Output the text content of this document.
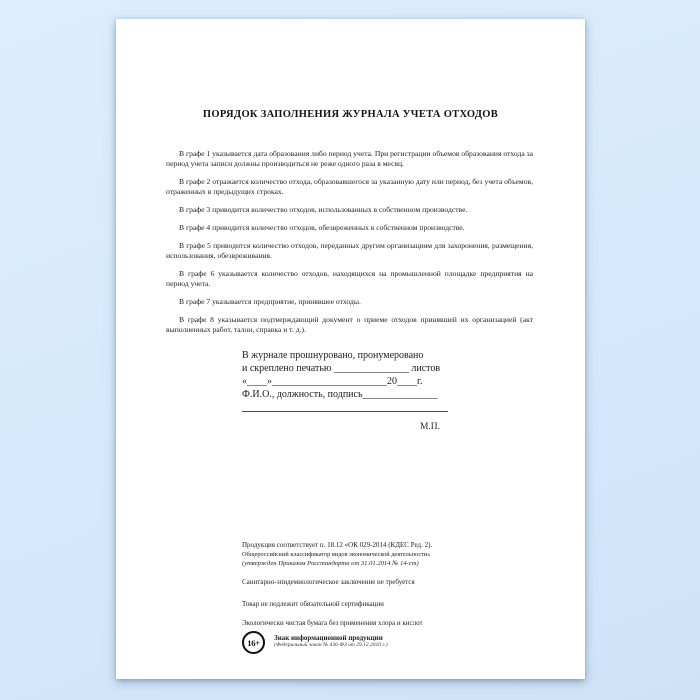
ПОРЯДОК ЗАПОЛНЕНИЯ ЖУРНАЛА УЧЕТА ОТХОДОВ

В графе 1 указывается дата образования либо период учета. При регистрации объемов образования отхода за период учета записи должны производиться не реже одного раза в месяц.

В графе 2 отражается количество отхода, образовавшегося за указанную дату или период, без учета объемов, отраженных в предыдущих строках.

В графе 3 приводится количество отходов, использованных в собственном производстве.

В графе 4 приводится количество отходов, обезвреженных в собственном производстве.

В графе 5 приводится количество отходов, переданных другим организациям для захоронения, размещения, использования, обезвреживания.

В графе 6 указывается количество отходов, находящихся на промышленной площадке предприятия на период учета.

В графе 7 указывается предприятие, принявшее отходы.

В графе 8 указывается подтверждающий документ о приеме отходов принявшей их организацией (акт выполненных работ, талон, справка и т. д.).

В журнале прошнуровано, пронумеровано
и скреплено печатью _______________ листов
«____»_______________________20____г.
Ф.И.О., должность, подпись_______________
М.П.
Продукция соответствует п. 18.12 «ОК 029-2014 (КДЕС Ред. 2).
Общероссийский классификатор видов экономической деятельности»
(утвержден Приказом Росстандарта от 31.01.2014 № 14-ст)
Санитарно-эпидемиологическое заключение не требуется
Товар не подлежит обязательной сертификации
Экологически чистая бумага без применения хлора и кислот
16+	Знак информационной продукции
(Федеральный закон № 436-ФЗ от 29.12.2010 г.)
